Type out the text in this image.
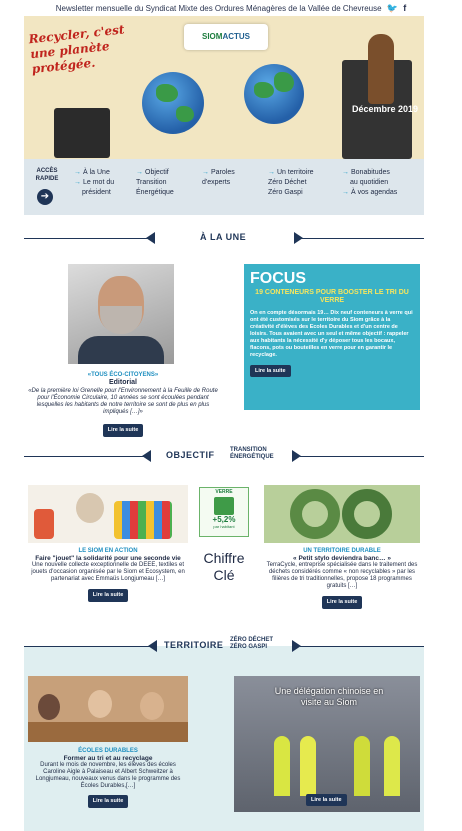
Newsletter mensuelle du Syndicat Mixte des Ordures Ménagères de la Vallée de Chevreuse 🐦 f
Recycler, c'est une planète protégée.
SIOMACTUS
Décembre 2019
ACCÈS RAPIDE
➔
→ À la Une
→ Le mot du
président
→ Objectif
Transition
Énergétique
→ Paroles
d'experts
→ Un territoire
Zéro Déchet
Zéro Gaspi
→ Bonabitudes
au quotidien
→ À vos agendas
À LA UNE
«TOUS ÉCO-CITOYENS»
Editorial
«De la première loi Grenelle pour l'Environnement à la Feuille de Route pour l'Économie Circulaire, 10 années se sont écoulées pendant lesquelles les habitants de notre territoire se sont de plus en plus impliqués […]»
Lire la suite
FOCUS
19 CONTENEURS POUR BOOSTER LE TRI DU VERRE
On en compte désormais 19… Dix neuf conteneurs à verre qui ont été customisés sur le territoire du Siom grâce à la créativité d'élèves des Ecoles Durables et d'un centre de loisirs. Tous avaient avec un seul et même objectif : rappeler aux habitants la nécessité d'y déposer tous les bocaux, flacons, pots ou bouteilles en verre pour en garantir le recyclage.
Lire la suite
OBJECTIF	TRANSITION
ÉNERGÉTIQUE
LE SIOM EN ACTION
Faire "jouet" la solidarité pour une seconde vie
Une nouvelle collecte exceptionnelle de DEEE, textiles et jouets d'occasion organisée par le Siom et Ecosystem, en partenariat avec Emmaüs Longjumeau […]
Lire la suite
VERRE
+5,2%
par habitant
Chiffre
Clé
UN TERRITOIRE DURABLE
« Petit stylo deviendra banc… »
TerraCycle, entreprise spécialisée dans le traitement des déchets considérés comme « non recyclables » par les filières de tri traditionnelles, propose 18 programmes gratuits […]
Lire la suite
TERRITOIRE ZÉRO DÉCHET
ZÉRO GASPI
ÉCOLES DURABLES
Former au tri et au recyclage
Durant le mois de novembre, les élèves des écoles Caroline Aigle à Palaiseau et Albert Schweitzer à Longjumeau, nouveaux venus dans le programme des Écoles Durables,[…]
Lire la suite
Une délégation chinoise en visite au Siom
Lire la suite
